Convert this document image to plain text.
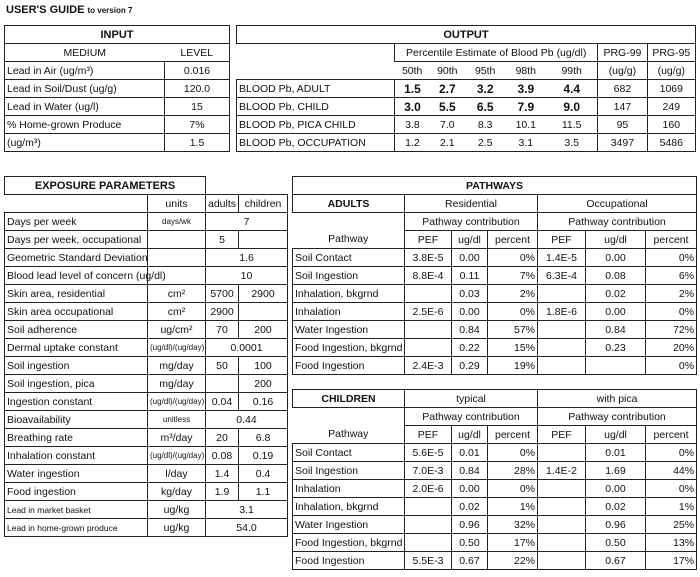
USER'S GUIDE to version 7
INPUT	
MEDIUM	LEVEL
Lead in Air (ug/m³)	0.016
Lead in Soil/Dust (ug/g)	120.0
Lead in Water (ug/l)	15
% Home-grown Produce	7%
(ug/m³)	1.5
OUTPUT							
	Percentile Estimate of Blood Pb (ug/dl)					PRG-99	PRG-95
	50th	90th	95th	98th	99th	(ug/g)	(ug/g)
BLOOD Pb, ADULT	1.5	2.7	3.2	3.9	4.4	682	1069
BLOOD Pb, CHILD	3.0	5.5	6.5	7.9	9.0	147	249
BLOOD Pb, PICA CHILD	3.8	7.0	8.3	10.1	11.5	95	160
BLOOD Pb, OCCUPATION	1.2	2.1	2.5	3.1	3.5	3497	5486
EXPOSURE PARAMETERS			
	units	adults	children
Days per week	days/wk	7	
Days per week, occupational		5	
Geometric Standard Deviation		1.6	
Blood lead level of concern (ug/dl)		10	
Skin area, residential	cm²	5700	2900
Skin area occupational	cm²	2900	
Soil adherence	ug/cm²	70	200
Dermal uptake constant	(ug/dl)/(ug/day)	0.0001	
Soil ingestion	mg/day	50	100
Soil ingestion, pica	mg/day		200
Ingestion constant	(ug/dl)/(ug/day)	0.04	0.16
Bioavailability	unitless	0.44	
Breathing rate	m³/day	20	6.8
Inhalation constant	(ug/dl)/(ug/day)	0.08	0.19
Water ingestion	l/day	1.4	0.4
Food ingestion	kg/day	1.9	1.1
Lead in market basket	ug/kg	3.1	
Lead in home-grown produce	ug/kg	54.0	
PATHWAYS						
ADULTS	Residential			Occupational		
	Pathway contribution			Pathway contribution		
Pathway	PEF	ug/dl	percent	PEF	ug/dl	percent
Soil Contact	3.8E-5	0.00	0%	1.4E-5	0.00	0%
Soil Ingestion	8.8E-4	0.11	7%	6.3E-4	0.08	6%
Inhalation, bkgrnd		0.03	2%		0.02	2%
Inhalation	2.5E-6	0.00	0%	1.8E-6	0.00	0%
Water Ingestion		0.84	57%		0.84	72%
Food Ingestion, bkgrnd		0.22	15%		0.23	20%
Food Ingestion	2.4E-3	0.29	19%			0%

CHILDREN	typical			with pica		
	Pathway contribution			Pathway contribution		
Pathway	PEF	ug/dl	percent	PEF	ug/dl	percent
Soil Contact	5.6E-5	0.01	0%		0.01	0%
Soil Ingestion	7.0E-3	0.84	28%	1.4E-2	1.69	44%
Inhalation	2.0E-6	0.00	0%		0.00	0%
Inhalation, bkgrnd		0.02	1%		0.02	1%
Water Ingestion		0.96	32%		0.96	25%
Food Ingestion, bkgrnd		0.50	17%		0.50	13%
Food Ingestion	5.5E-3	0.67	22%		0.67	17%
